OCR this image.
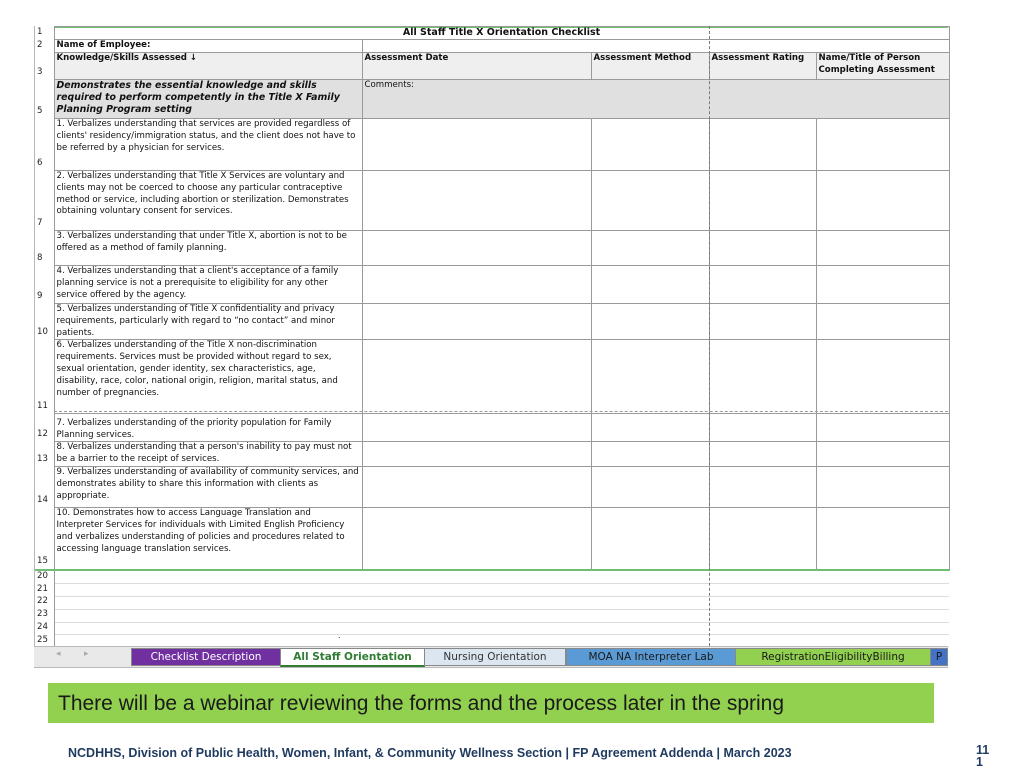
1	All Staff Title X Orientation Checklist				
2	Name of Employee:				
3	Knowledge/Skills Assessed ↓	Assessment Date	Assessment Method	Assessment Rating	Name/Title of Person Completing Assessment
5	Demonstrates the essential knowledge and skills required to perform competently in the Title X Family Planning Program setting	Comments:			
6	1. Verbalizes understanding that services are provided regardless of clients' residency/immigration status, and the client does not have to be referred by a physician for services.				
7	2. Verbalizes understanding that Title X Services are voluntary and clients may not be coerced to choose any particular contraceptive method or service, including abortion or sterilization. Demonstrates obtaining voluntary consent for services.				
8	3. Verbalizes understanding that under Title X, abortion is not to be offered as a method of family planning.				
9	4. Verbalizes understanding that a client's acceptance of a family planning service is not a prerequisite to eligibility for any other service offered by the agency.				
10	5. Verbalizes understanding of Title X confidentiality and privacy requirements, particularly with regard to “no contact” and minor patients.				
11	6. Verbalizes understanding of the Title X non-discrimination requirements. Services must be provided without regard to sex, sexual orientation, gender identity, sex characteristics, age, disability, race, color, national origin, religion, marital status, and number of pregnancies.				
12	7. Verbalizes understanding of the priority population for Family Planning services.				
13	8. Verbalizes understanding that a person's inability to pay must not be a barrier to the receipt of services.				
14	9. Verbalizes understanding of availability of community services, and demonstrates ability to share this information with clients as appropriate.				
15	10. Demonstrates how to access Language Translation and Interpreter Services for individuals with Limited English Proficiency and verbalizes understanding of policies and procedures related to accessing language translation services.				
20					
21					
22					
23					
24					
25					
		.
◂	▸	Checklist Description	All Staff Orientation	Nursing Orientation	MOA NA Interpreter Lab	RegistrationEligibilityBilling	P
There will be a webinar reviewing the forms and the process later in the spring
NCDHHS, Division of Public Health, Women, Infant, & Community Wellness Section | FP Agreement Addenda | March 2023	11 1
